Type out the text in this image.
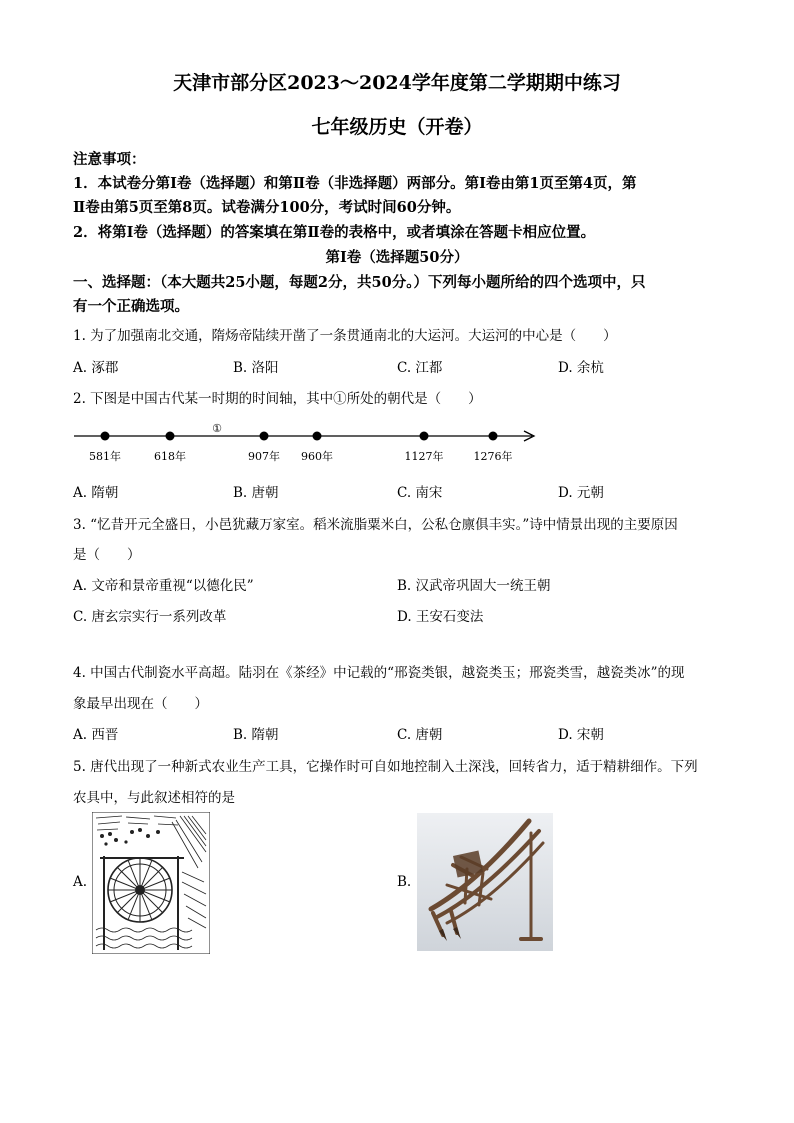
天津市部分区2023～2024学年度第二学期期中练习
七年级历史（开卷）
注意事项：
1．本试卷分第Ⅰ卷（选择题）和第Ⅱ卷（非选择题）两部分。第Ⅰ卷由第1页至第4页，第
Ⅱ卷由第5页至第8页。试卷满分100分，考试时间60分钟。
2．将第Ⅰ卷（选择题）的答案填在第Ⅱ卷的表格中，或者填涂在答题卡相应位置。
第Ⅰ卷（选择题50分）
一、选择题：（本大题共25小题，每题2分，共50分。）下列每小题所给的四个选项中，只
有一个正确选项。
1. 为了加强南北交通，隋炀帝陆续开凿了一条贯通南北的大运河。大运河的中心是（　　）
A. 涿郡	B. 洛阳	C. 江都	D. 余杭
2. 下图是中国古代某一时期的时间轴，其中①所处的朝代是（　　）
①
581年	618年	907年 960年	1127年	1276年
A. 隋朝	B. 唐朝	C. 南宋	D. 元朝
3. “忆昔开元全盛日，小邑犹藏万家室。稻米流脂粟米白，公私仓廪俱丰实。”诗中情景出现的主要原因
是（　　）
A. 文帝和景帝重视“以德化民”	B. 汉武帝巩固大一统王朝
C. 唐玄宗实行一系列改革	D. 王安石变法
4. 中国古代制瓷水平高超。陆羽在《茶经》中记载的“邢瓷类银，越瓷类玉；邢瓷类雪，越瓷类冰”的现
象最早出现在（　　）
A. 西晋	B. 隋朝	C. 唐朝	D. 宋朝
5. 唐代出现了一种新式农业生产工具，它操作时可自如地控制入土深浅，回转省力，适于精耕细作。下列
农具中，与此叙述相符的是
A.	B.
